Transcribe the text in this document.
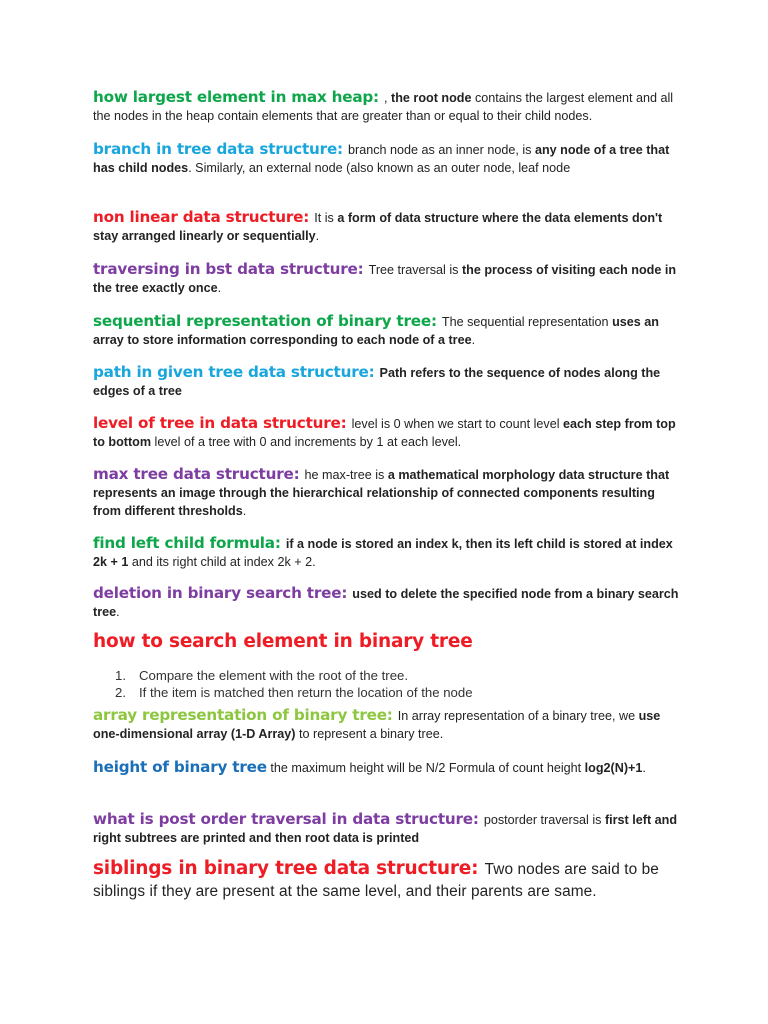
how largest element in max heap: , the root node contains the largest element and all the nodes in the heap contain elements that are greater than or equal to their child nodes.
branch in tree data structure: branch node as an inner node, is any node of a tree that has child nodes. Similarly, an external node (also known as an outer node, leaf node
non linear data structure: It is a form of data structure where the data elements don't stay arranged linearly or sequentially.
traversing in bst data structure: Tree traversal is the process of visiting each node in the tree exactly once.
sequential representation of binary tree: The sequential representation uses an array to store information corresponding to each node of a tree.
path in given tree data structure: Path refers to the sequence of nodes along the edges of a tree
level of tree in data structure: level is 0 when we start to count level each step from top to bottom level of a tree with 0 and increments by 1 at each level.
max tree data structure: he max-tree is a mathematical morphology data structure that represents an image through the hierarchical relationship of connected components resulting from different thresholds.
find left child formula: if a node is stored an index k, then its left child is stored at index 2k + 1 and its right child at index 2k + 2.
deletion in binary search tree: used to delete the specified node from a binary search tree.
how to search element in binary tree
1. Compare the element with the root of the tree.
2. If the item is matched then return the location of the node
array representation of binary tree: In array representation of a binary tree, we use one-dimensional array (1-D Array) to represent a binary tree.
height of binary tree the maximum height will be N/2 Formula of count height log2(N)+1.
what is post order traversal in data structure: postorder traversal is first left and right subtrees are printed and then root data is printed
siblings in binary tree data structure: Two nodes are said to be siblings if they are present at the same level, and their parents are same.
